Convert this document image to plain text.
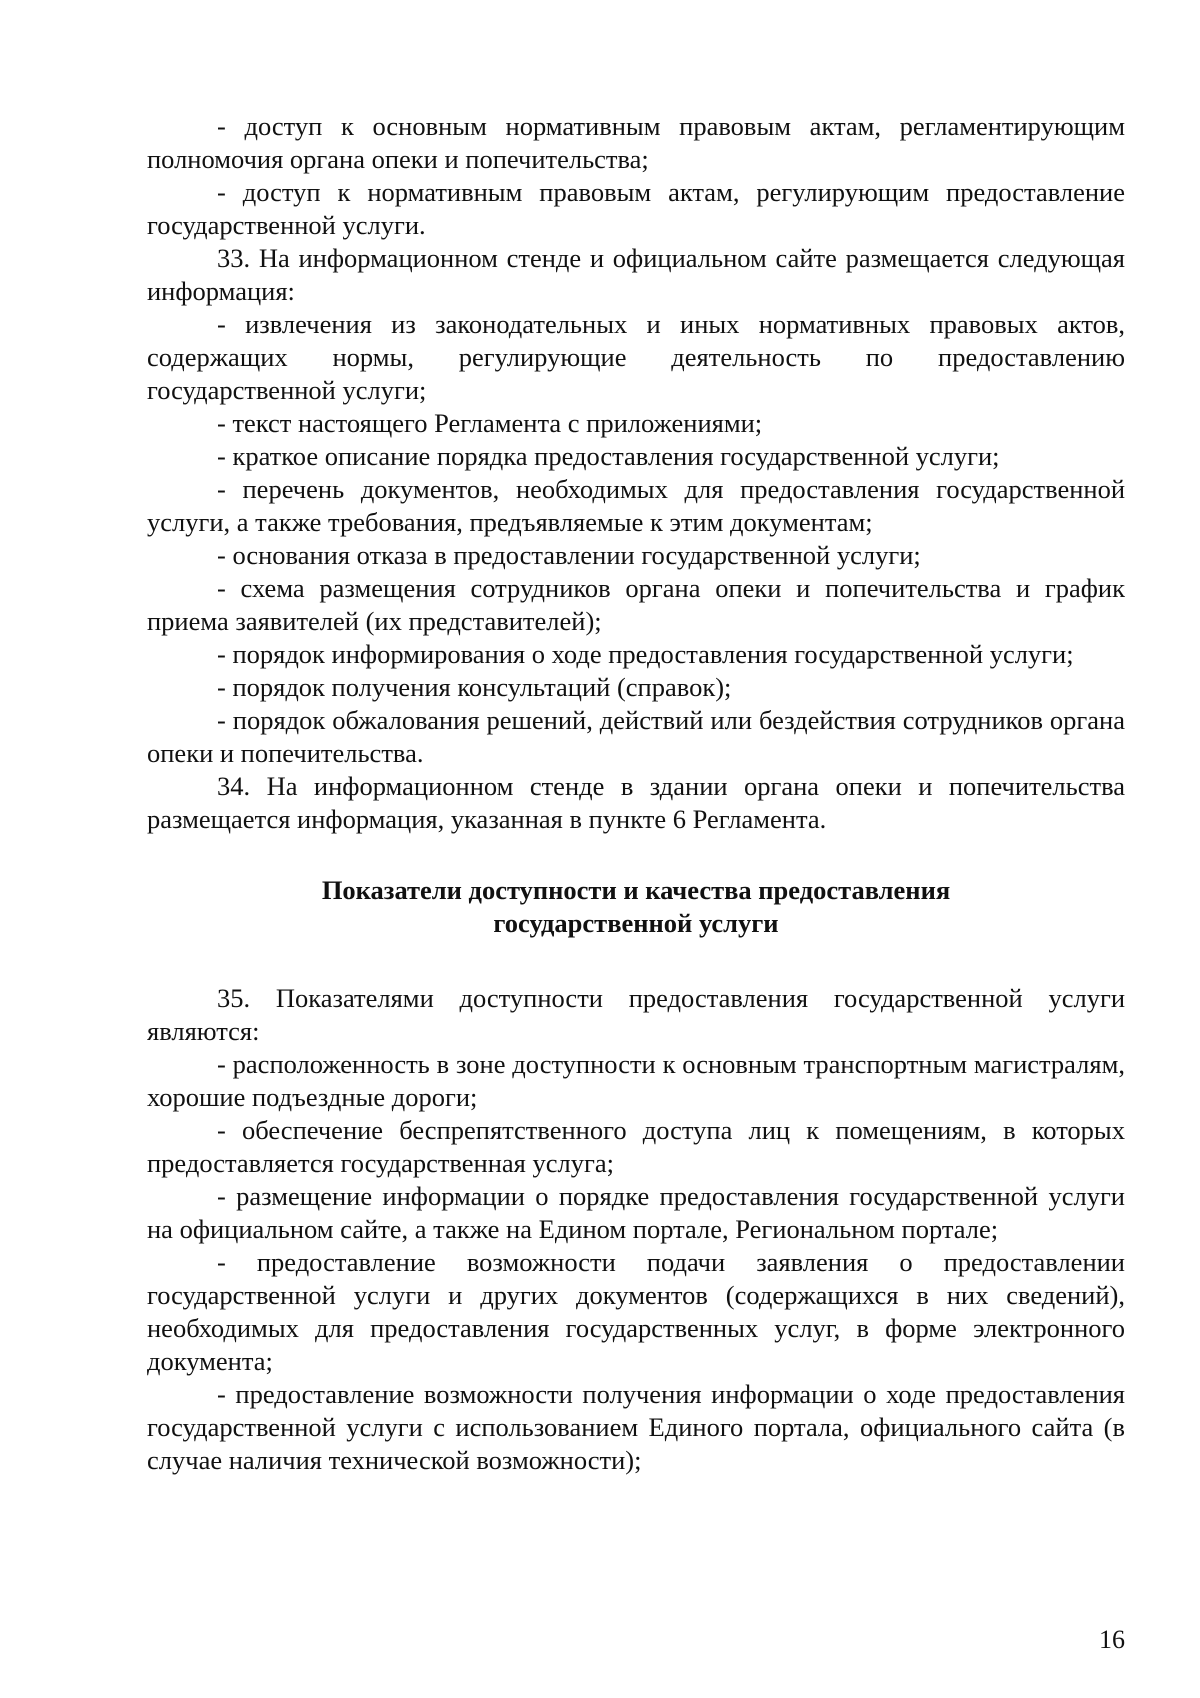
- доступ к основным нормативным правовым актам, регламентирующим полномочия органа опеки и попечительства;

- доступ к нормативным правовым актам, регулирующим предоставление государственной услуги.

33. На информационном стенде и официальном сайте размещается следующая информация:

- извлечения из законодательных и иных нормативных правовых актов, содержащих нормы, регулирующие деятельность по предоставлению государственной услуги;

- текст настоящего Регламента с приложениями;

- краткое описание порядка предоставления государственной услуги;

- перечень документов, необходимых для предоставления государственной услуги, а также требования, предъявляемые к этим документам;

- основания отказа в предоставлении государственной услуги;

- схема размещения сотрудников органа опеки и попечительства и график приема заявителей (их представителей);

- порядок информирования о ходе предоставления государственной услуги;

- порядок получения консультаций (справок);

- порядок обжалования решений, действий или бездействия сотрудников органа опеки и попечительства.

34. На информационном стенде в здании органа опеки и попечительства размещается информация, указанная в пункте 6 Регламента.

Показатели доступности и качества предоставления
государственной услуги

35. Показателями доступности предоставления государственной услуги являются:

- расположенность в зоне доступности к основным транспортным магистралям, хорошие подъездные дороги;

- обеспечение беспрепятственного доступа лиц к помещениям, в которых предоставляется государственная услуга;

- размещение информации о порядке предоставления государственной услуги на официальном сайте, а также на Едином портале, Региональном портале;

- предоставление возможности подачи заявления о предоставлении государственной услуги и других документов (содержащихся в них сведений), необходимых для предоставления государственных услуг, в форме электронного документа;

- предоставление возможности получения информации о ходе предоставления государственной услуги с использованием Единого портала, официального сайта (в случае наличия технической возможности);

16
